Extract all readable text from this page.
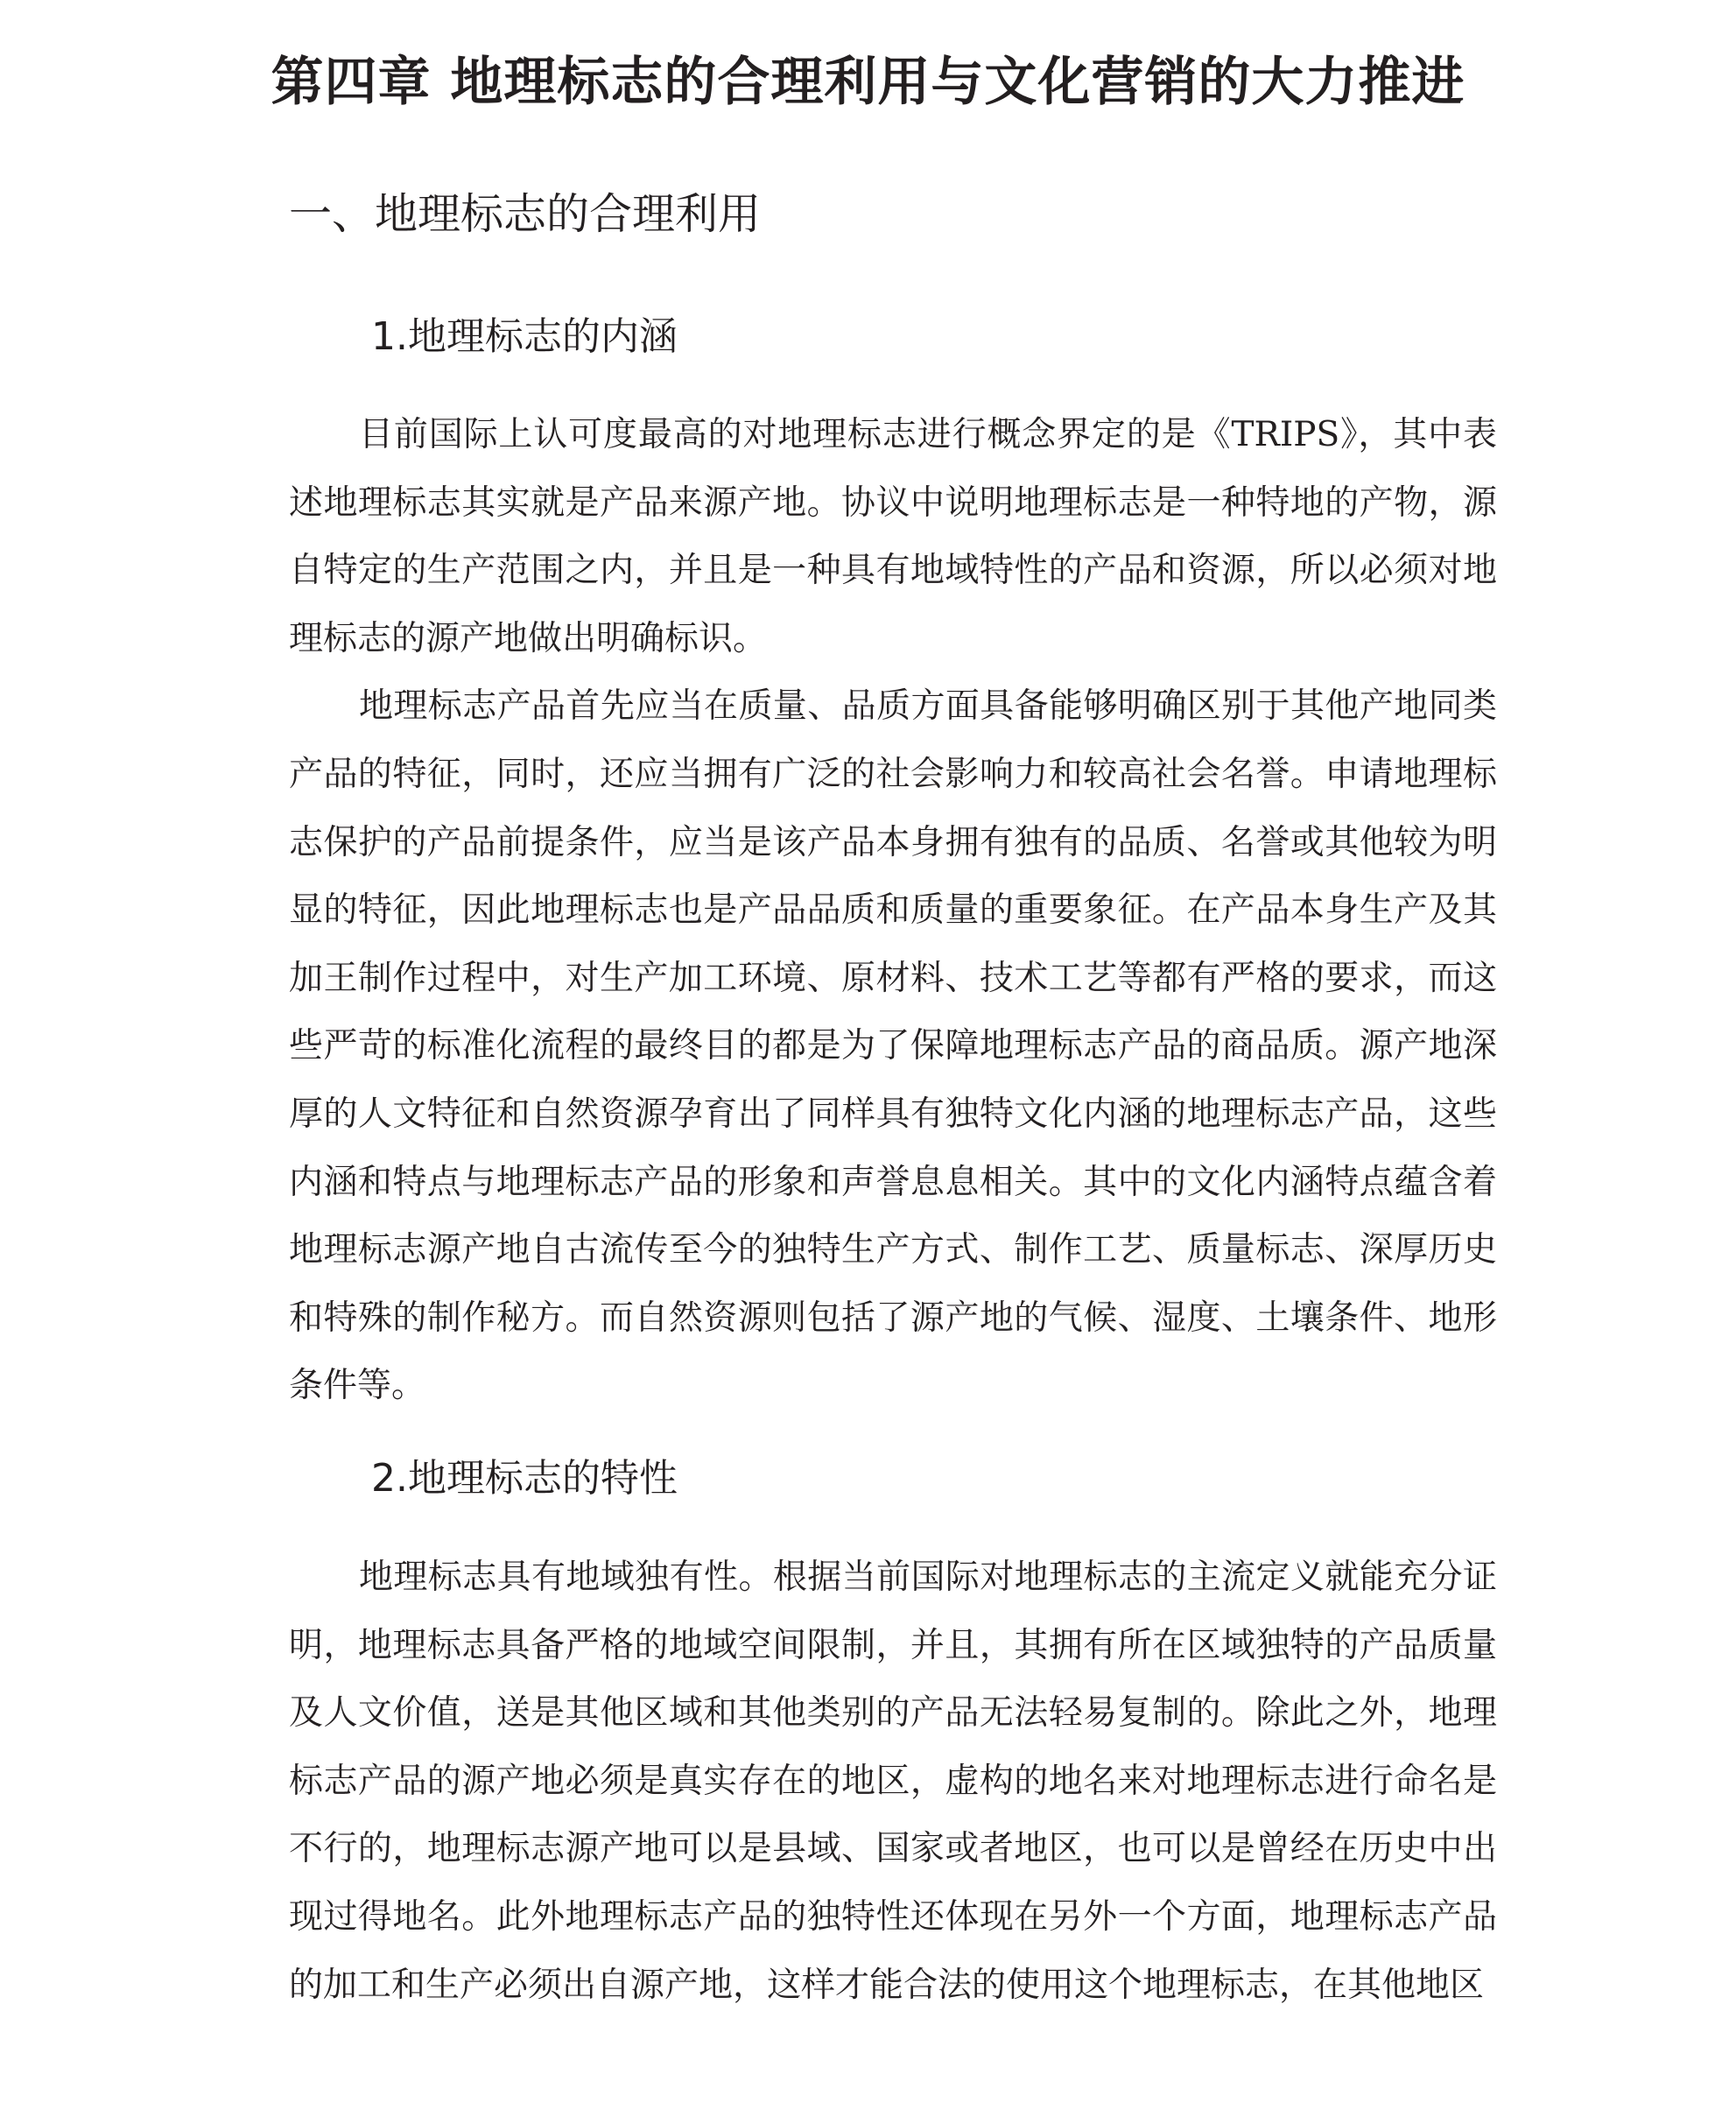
第四章 地理标志的合理利用与文化营销的大力推进
一、地理标志的合理利用
1.地理标志的内涵

目前国际上认可度最高的对地理标志进行概念界定的是《TRIPS》，其中表述地理标志其实就是产品来源产地。协议中说明地理标志是一种特地的产物，源自特定的生产范围之内，并且是一种具有地域特性的产品和资源，所以必须对地理标志的源产地做出明确标识。

地理标志产品首先应当在质量、品质方面具备能够明确区别于其他产地同类产品的特征，同时，还应当拥有广泛的社会影响力和较高社会名誉。申请地理标志保护的产品前提条件，应当是该产品本身拥有独有的品质、名誉或其他较为明显的特征，因此地理标志也是产品品质和质量的重要象征。在产品本身生产及其加王制作过程中，对生产加工环境、原材料、技术工艺等都有严格的要求，而这些严苛的标准化流程的最终目的都是为了保障地理标志产品的商品质。源产地深厚的人文特征和自然资源孕育出了同样具有独特文化内涵的地理标志产品，这些内涵和特点与地理标志产品的形象和声誉息息相关。其中的文化内涵特点蕴含着地理标志源产地自古流传至今的独特生产方式、制作工艺、质量标志、深厚历史和特殊的制作秘方。而自然资源则包括了源产地的气候、湿度、土壤条件、地形条件等。

2.地理标志的特性

地理标志具有地域独有性。根据当前国际对地理标志的主流定义就能充分证明，地理标志具备严格的地域空间限制，并且，其拥有所在区域独特的产品质量及人文价值，送是其他区域和其他类别的产品无法轻易复制的。除此之外，地理标志产品的源产地必须是真实存在的地区，虚构的地名来对地理标志进行命名是不行的，地理标志源产地可以是县域、国家或者地区，也可以是曾经在历史中出现过得地名。此外地理标志产品的独特性还体现在另外一个方面，地理标志产品的加工和生产必须出自源产地，这样才能合法的使用这个地理标志，在其他地区
